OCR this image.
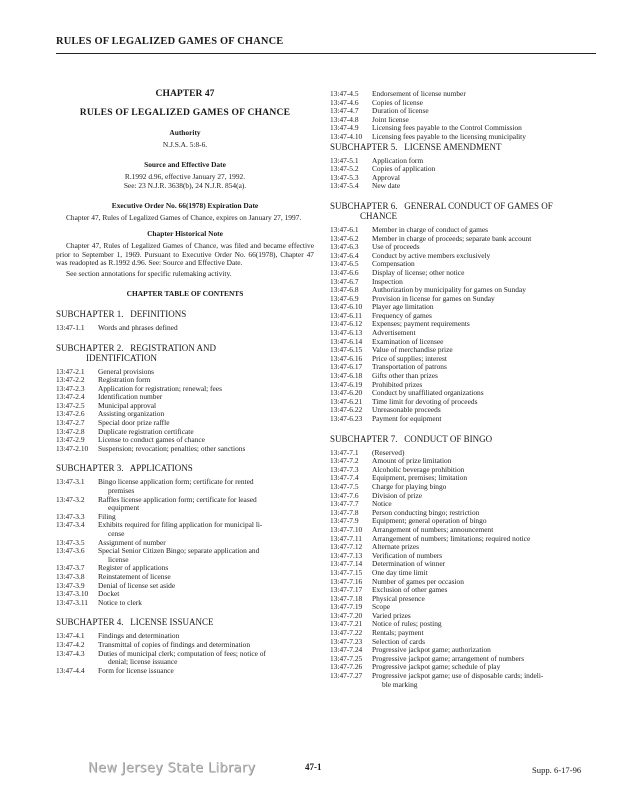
RULES OF LEGALIZED GAMES OF CHANCE
CHAPTER 47
RULES OF LEGALIZED GAMES OF CHANCE
Authority
N.J.S.A. 5:8-6.
Source and Effective Date
R.1992 d.96, effective January 27, 1992.
See: 23 N.J.R. 3638(b), 24 N.J.R. 854(a).
Executive Order No. 66(1978) Expiration Date
Chapter 47, Rules of Legalized Games of Chance, expires on January 27, 1997.
Chapter Historical Note
Chapter 47, Rules of Legalized Games of Chance, was filed and became effective prior to September 1, 1969. Pursuant to Executive Order No. 66(1978), Chapter 47 was readopted as R.1992 d.96. See: Source and Effective Date.
See section annotations for specific rulemaking activity.
CHAPTER TABLE OF CONTENTS
SUBCHAPTER 1.   DEFINITIONS
13:47-1.1	Words and phrases defined
SUBCHAPTER 2.   REGISTRATION AND
IDENTIFICATION
13:47-2.1	General provisions
13:47-2.2	Registration form
13:47-2.3	Application for registration; renewal; fees
13:47-2.4	Identification number
13:47-2.5	Municipal approval
13:47-2.6	Assisting organization
13:47-2.7	Special door prize raffle
13:47-2.8	Duplicate registration certificate
13:47-2.9	License to conduct games of chance
13:47-2.10	Suspension; revocation; penalties; other sanctions
SUBCHAPTER 3.   APPLICATIONS
13:47-3.1	Bingo license application form; certificate for rented
premises
13:47-3.2	Raffles license application form; certificate for leased
equipment
13:47-3.3	Filing
13:47-3.4	Exhibits required for filing application for municipal li-
cense
13:47-3.5	Assignment of number
13:47-3.6	Special Senior Citizen Bingo; separate application and
license
13:47-3.7	Register of applications
13:47-3.8	Reinstatement of license
13:47-3.9	Denial of license set aside
13:47-3.10	Docket
13:47-3.11	Notice to clerk
SUBCHAPTER 4.   LICENSE ISSUANCE
13:47-4.1	Findings and determination
13:47-4.2	Transmittal of copies of findings and determination
13:47-4.3	Duties of municipal clerk; computation of fees; notice of
denial; license issuance
13:47-4.4	Form for license issuance
13:47-4.5	Endorsement of license number
13:47-4.6	Copies of license
13:47-4.7	Duration of license
13:47-4.8	Joint license
13:47-4.9	Licensing fees payable to the Control Commission
13:47-4.10	Licensing fees payable to the licensing municipality
SUBCHAPTER 5.   LICENSE AMENDMENT
13:47-5.1	Application form
13:47-5.2	Copies of application
13:47-5.3	Approval
13:47-5.4	New date
SUBCHAPTER 6.   GENERAL CONDUCT OF GAMES OF
CHANCE
13:47-6.1	Member in charge of conduct of games
13:47-6.2	Member in charge of proceeds; separate bank account
13:47-6.3	Use of proceeds
13:47-6.4	Conduct by active members exclusively
13:47-6.5	Compensation
13:47-6.6	Display of license; other notice
13:47-6.7	Inspection
13:47-6.8	Authorization by municipality for games on Sunday
13:47-6.9	Provision in license for games on Sunday
13:47-6.10	Player age limitation
13:47-6.11	Frequency of games
13:47-6.12	Expenses; payment requirements
13:47-6.13	Advertisement
13:47-6.14	Examination of licensee
13:47-6.15	Value of merchandise prize
13:47-6.16	Price of supplies; interest
13:47-6.17	Transportation of patrons
13:47-6.18	Gifts other than prizes
13:47-6.19	Prohibited prizes
13:47-6.20	Conduct by unaffiliated organizations
13:47-6.21	Time limit for devoting of proceeds
13:47-6.22	Unreasonable proceeds
13:47-6.23	Payment for equipment
SUBCHAPTER 7.   CONDUCT OF BINGO
13:47-7.1	(Reserved)
13:47-7.2	Amount of prize limitation
13:47-7.3	Alcoholic beverage prohibition
13:47-7.4	Equipment, premises; limitation
13:47-7.5	Charge for playing bingo
13:47-7.6	Division of prize
13:47-7.7	Notice
13:47-7.8	Person conducting bingo; restriction
13:47-7.9	Equipment; general operation of bingo
13:47-7.10	Arrangement of numbers; announcement
13:47-7.11	Arrangement of numbers; limitations; required notice
13:47-7.12	Alternate prizes
13:47-7.13	Verification of numbers
13:47-7.14	Determination of winner
13:47-7.15	One day time limit
13:47-7.16	Number of games per occasion
13:47-7.17	Exclusion of other games
13:47-7.18	Physical presence
13:47-7.19	Scope
13:47-7.20	Varied prizes
13:47-7.21	Notice of rules; posting
13:47-7.22	Rentals; payment
13:47-7.23	Selection of cards
13:47-7.24	Progressive jackpot game; authorization
13:47-7.25	Progressive jackpot game; arrangement of numbers
13:47-7.26	Progressive jackpot game; schedule of play
13:47-7.27	Progressive jackpot game; use of disposable cards; indeli-
ble marking
New Jersey State Library	47-1	Supp. 6-17-96
